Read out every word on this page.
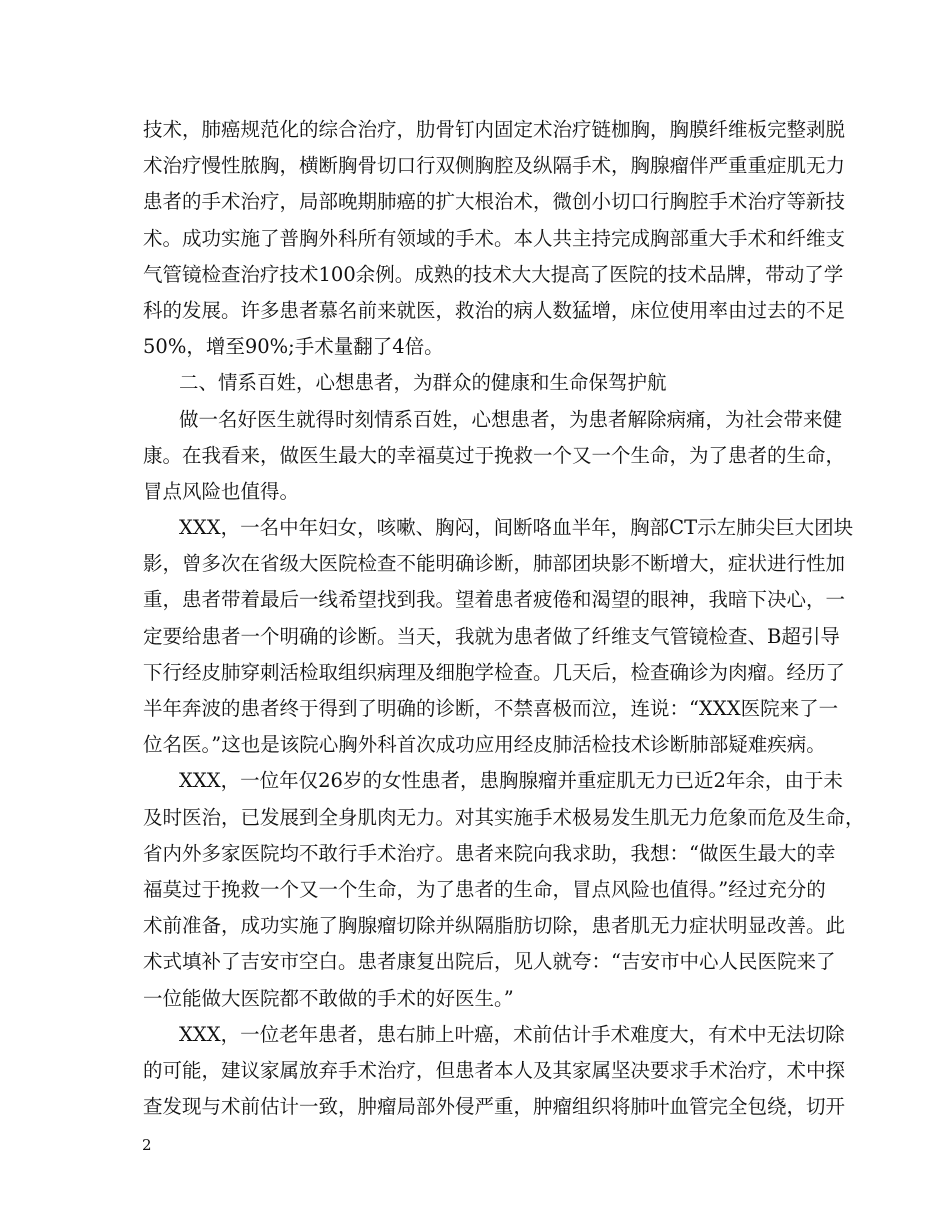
技术，肺癌规范化的综合治疗，肋骨钉内固定术治疗链枷胸，胸膜纤维板完整剥脱
术治疗慢性脓胸，横断胸骨切口行双侧胸腔及纵隔手术，胸腺瘤伴严重重症肌无力
患者的手术治疗，局部晚期肺癌的扩大根治术，微创小切口行胸腔手术治疗等新技
术。成功实施了普胸外科所有领域的手术。本人共主持完成胸部重大手术和纤维支
气管镜检查治疗技术100余例。成熟的技术大大提高了医院的技术品牌，带动了学
科的发展。许多患者慕名前来就医，救治的病人数猛增，床位使用率由过去的不足
50%，增至90%;手术量翻了4倍。
二、情系百姓，心想患者，为群众的健康和生命保驾护航
做一名好医生就得时刻情系百姓，心想患者，为患者解除病痛，为社会带来健
康。在我看来，做医生最大的幸福莫过于挽救一个又一个生命，为了患者的生命，
冒点风险也值得。
XXX，一名中年妇女，咳嗽、胸闷，间断咯血半年，胸部CT示左肺尖巨大团块
影，曾多次在省级大医院检查不能明确诊断，肺部团块影不断增大，症状进行性加
重，患者带着最后一线希望找到我。望着患者疲倦和渴望的眼神，我暗下决心，一
定要给患者一个明确的诊断。当天，我就为患者做了纤维支气管镜检查、B超引导
下行经皮肺穿刺活检取组织病理及细胞学检查。几天后，检查确诊为肉瘤。经历了
半年奔波的患者终于得到了明确的诊断，不禁喜极而泣，连说：“XXX医院来了一
位名医。”这也是该院心胸外科首次成功应用经皮肺活检技术诊断肺部疑难疾病。
XXX，一位年仅26岁的女性患者，患胸腺瘤并重症肌无力已近2年余，由于未
及时医治，已发展到全身肌肉无力。对其实施手术极易发生肌无力危象而危及生命，
省内外多家医院均不敢行手术治疗。患者来院向我求助，我想：“做医生最大的幸
福莫过于挽救一个又一个生命，为了患者的生命，冒点风险也值得。”经过充分的
术前准备，成功实施了胸腺瘤切除并纵隔脂肪切除，患者肌无力症状明显改善。此
术式填补了吉安市空白。患者康复出院后，见人就夸：“吉安市中心人民医院来了
一位能做大医院都不敢做的手术的好医生。”
XXX，一位老年患者，患右肺上叶癌，术前估计手术难度大，有术中无法切除
的可能，建议家属放弃手术治疗，但患者本人及其家属坚决要求手术治疗，术中探
查发现与术前估计一致，肿瘤局部外侵严重，肿瘤组织将肺叶血管完全包绕，切开
2
